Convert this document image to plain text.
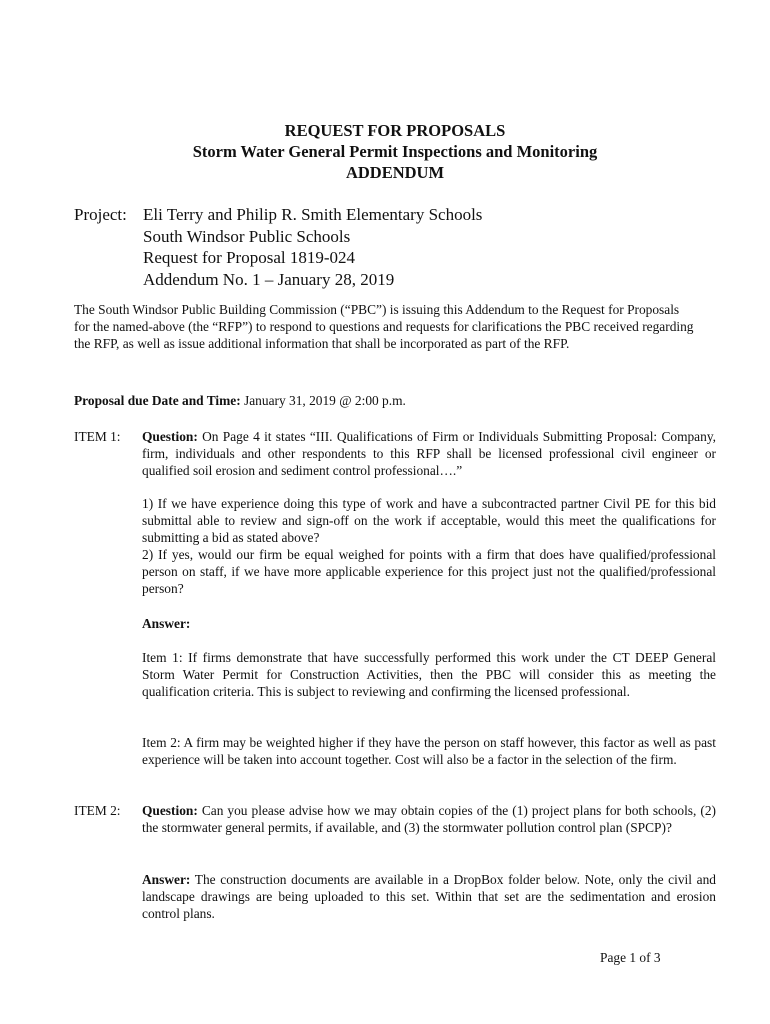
REQUEST FOR PROPOSALS
Storm Water General Permit Inspections and Monitoring
ADDENDUM
Project: Eli Terry and Philip R. Smith Elementary Schools
South Windsor Public Schools
Request for Proposal 1819-024
Addendum No. 1 – January 28, 2019
The South Windsor Public Building Commission (“PBC”) is issuing this Addendum to the Request for Proposals for the named-above (the “RFP”) to respond to questions and requests for clarifications the PBC received regarding the RFP, as well as issue additional information that shall be incorporated as part of the RFP.
Proposal due Date and Time: January 31, 2019 @ 2:00 p.m.
ITEM 1: Question: On Page 4 it states “III. Qualifications of Firm or Individuals Submitting Proposal: Company, firm, individuals and other respondents to this RFP shall be licensed professional civil engineer or qualified soil erosion and sediment control professional….”
1) If we have experience doing this type of work and have a subcontracted partner Civil PE for this bid submittal able to review and sign-off on the work if acceptable, would this meet the qualifications for submitting a bid as stated above?
2) If yes, would our firm be equal weighed for points with a firm that does have qualified/professional person on staff, if we have more applicable experience for this project just not the qualified/professional person?
Answer:
Item 1: If firms demonstrate that have successfully performed this work under the CT DEEP General Storm Water Permit for Construction Activities, then the PBC will consider this as meeting the qualification criteria. This is subject to reviewing and confirming the licensed professional.
Item 2: A firm may be weighted higher if they have the person on staff however, this factor as well as past experience will be taken into account together. Cost will also be a factor in the selection of the firm.
ITEM 2: Question: Can you please advise how we may obtain copies of the (1) project plans for both schools, (2) the stormwater general permits, if available, and (3) the stormwater pollution control plan (SPCP)?
Answer: The construction documents are available in a DropBox folder below. Note, only the civil and landscape drawings are being uploaded to this set. Within that set are the sedimentation and erosion control plans.
Page 1 of 3
